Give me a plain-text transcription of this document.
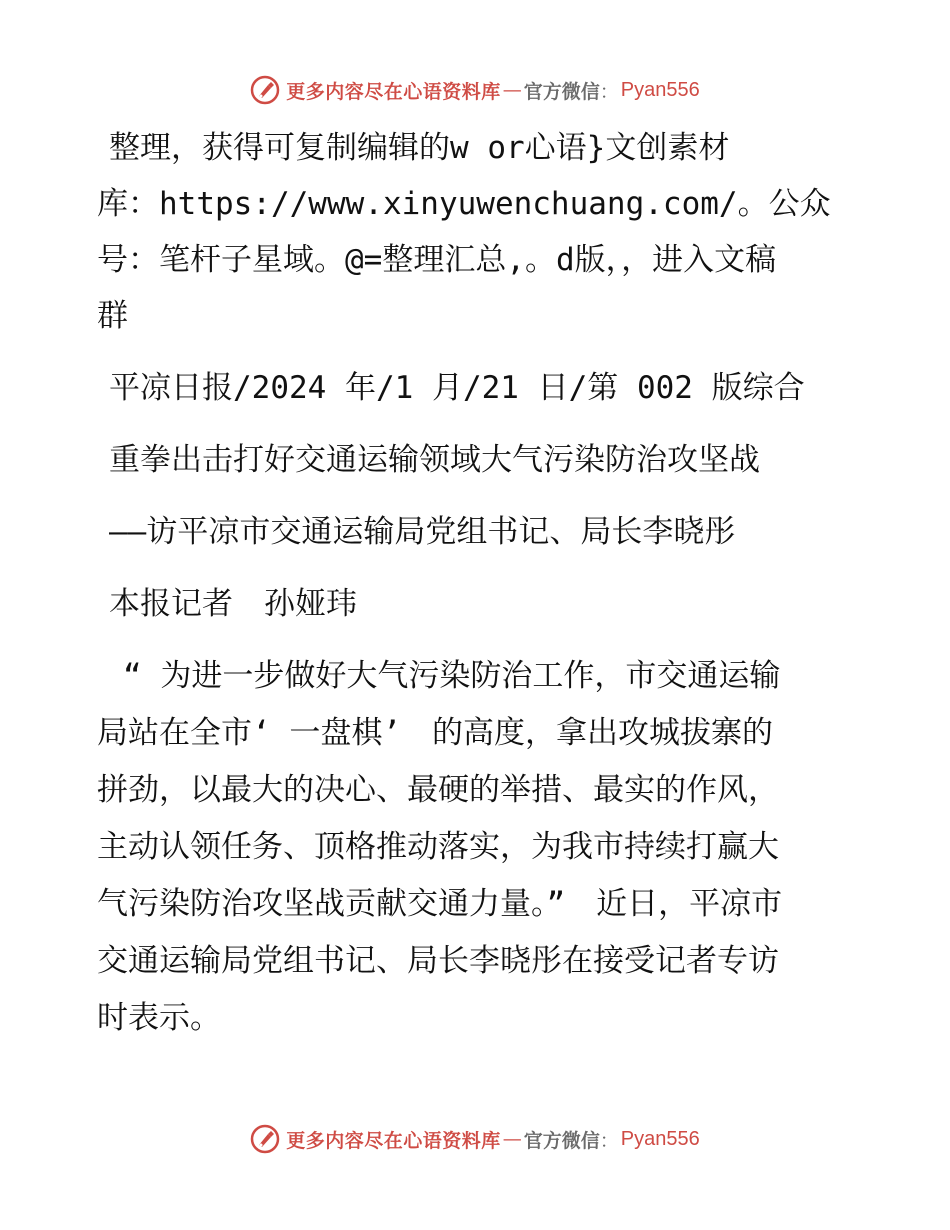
更多内容尽在心语资料库 — 官方微信 ： Pyan556

整理，获得可复制编辑的w or心语}文创素材
库：https://www.xinyuwenchuang.com/。公众
号：笔杆子星域。@=整理汇总,。d版，，进入文稿
群

平凉日报/2024 年/1 月/21 日/第 002 版综合

重拳出击打好交通运输领域大气污染防治攻坚战

——访平凉市交通运输局党组书记、局长李晓彤

本报记者　孙娅玮

“ 为进一步做好大气污染防治工作，市交通运输
局站在全市‘ 一盘棋’　的高度，拿出攻城拔寨的
拼劲，以最大的决心、最硬的举措、最实的作风，
主动认领任务、顶格推动落实，为我市持续打赢大
气污染防治攻坚战贡献交通力量。”　近日，平凉市
交通运输局党组书记、局长李晓彤在接受记者专访
时表示。

更多内容尽在心语资料库 — 官方微信 ： Pyan556
